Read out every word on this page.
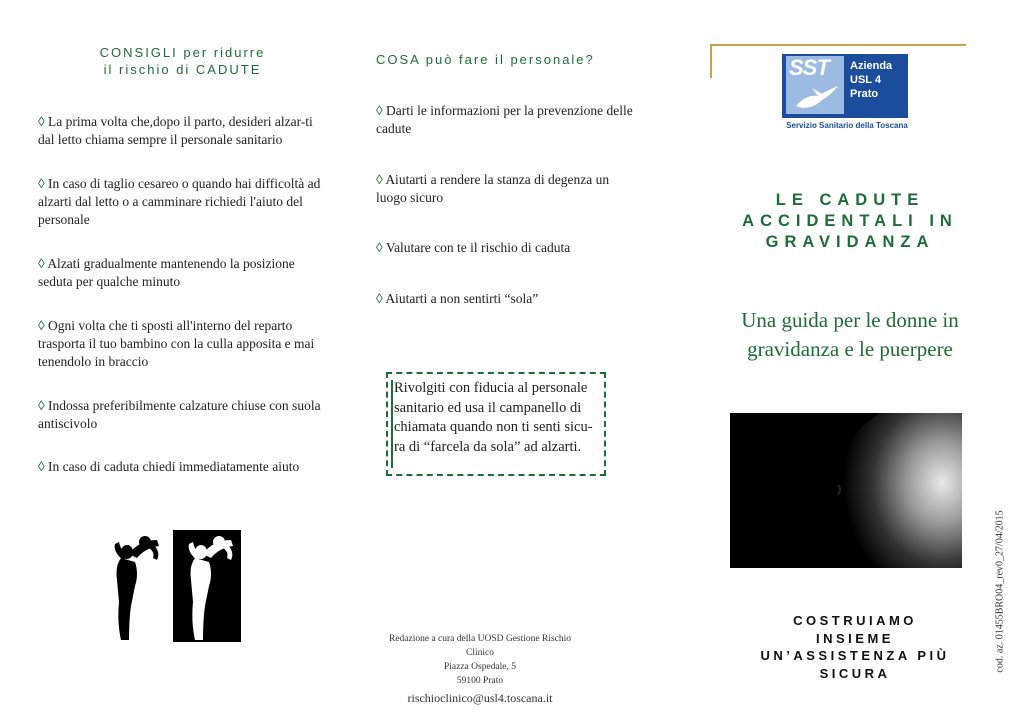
CONSIGLI per ridurre
il rischio di CADUTE
◊ La prima volta che,dopo il parto, desideri alzar-ti dal letto chiama sempre il personale sanitario
◊ In caso di taglio cesareo o quando hai difficoltà ad alzarti dal letto o a camminare richiedi l'aiuto del personale
◊ Alzati gradualmente mantenendo la posizione seduta per qualche minuto
◊ Ogni volta che ti sposti all'interno del reparto trasporta il tuo bambino con la culla apposita e mai tenendolo in braccio
◊ Indossa preferibilmente calzature chiuse con suola antiscivolo
◊ In caso di caduta chiedi immediatamente aiuto
COSA può fare il personale?
◊ Darti le informazioni per la prevenzione delle cadute
◊ Aiutarti a rendere la stanza di degenza un luogo sicuro
◊ Valutare con te il rischio di caduta
◊ Aiutarti a non sentirti “sola”
Rivolgiti con fiducia al personale sanitario ed usa il campanello di chiamata quando non ti senti sicu-ra di “farcela da sola” ad alzarti.
Redazione a cura della UOSD Gestione Rischio Clinico
Piazza Ospedale, 5
59100 Prato
rischioclinico@usl4.toscana.it
SST	Azienda
USL 4
Prato
Servizio Sanitario della Toscana
LE CADUTE
ACCIDENTALI IN
GRAVIDANZA
Una guida per le donne in gravidanza e le puerpere
cod. az. 01455BRO04_rev0_27/04/2015
COSTRUIAMO
INSIEME
UN’ASSISTENZA PIÙ
SICURA
